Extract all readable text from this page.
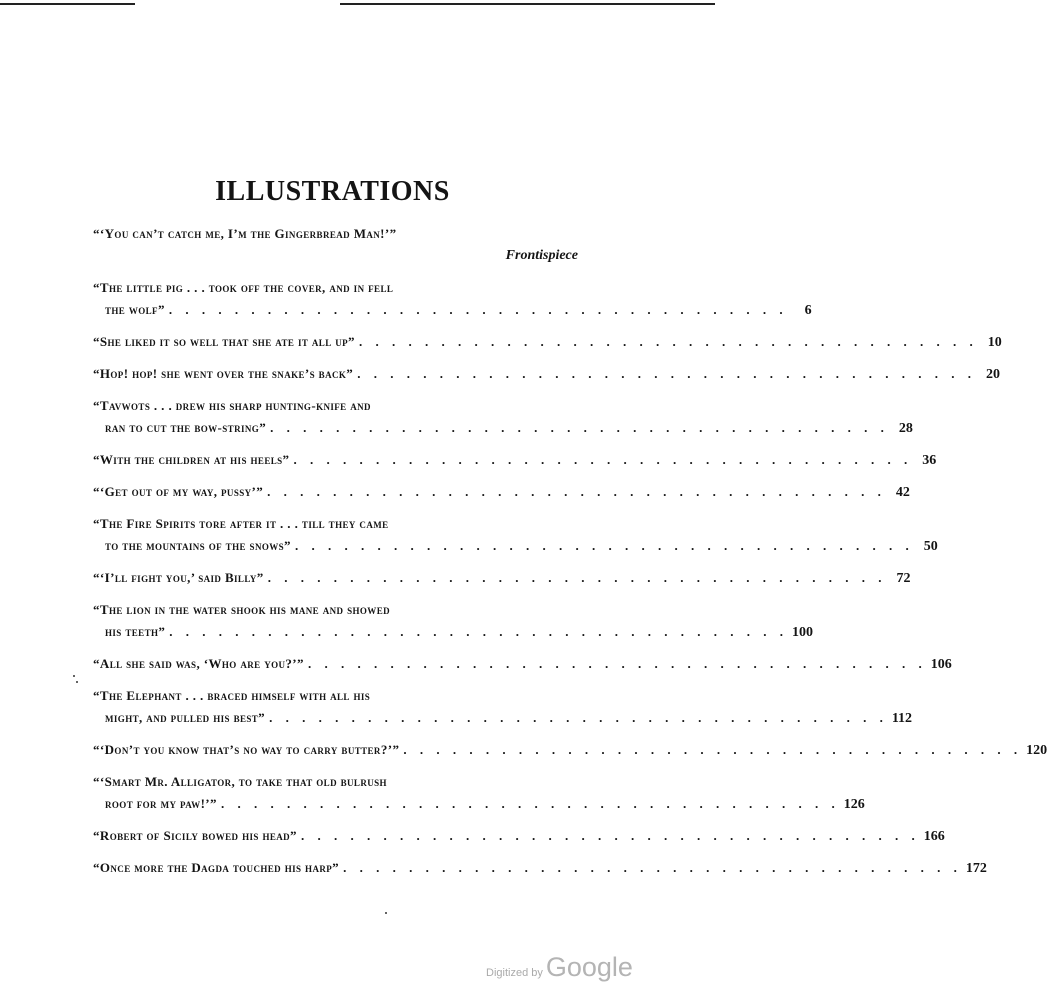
ILLUSTRATIONS
“‘You can’t catch me, I’m the Gingerbread Man!’”
Frontispiece
“The little pig . . . took off the cover, and in fell
the wolf” . . . . . . . . . . . . . . . . . . . . . . . . . . . . . . . . . . . . . .	6
“She liked it so well that she ate it all up” . . . . . . . . . . . . . . . . . . . . . . . . . . . . . . . . . . . . . . 10
“Hop! hop! she went over the snake’s back” . . . . . . . . . . . . . . . . . . . . . . . . . . . . . . . . . . . . . . 20
“Tavwots . . . drew his sharp hunting-knife and
ran to cut the bow-string” . . . . . . . . . . . . . . . . . . . . . . . . . . . . . . . . . . . . . . 28
“With the children at his heels” . . . . . . . . . . . . . . . . . . . . . . . . . . . . . . . . . . . . . . 36
“‘Get out of my way, pussy’” . . . . . . . . . . . . . . . . . . . . . . . . . . . . . . . . . . . . . . 42
“The Fire Spirits tore after it . . . till they came
to the mountains of the snows” . . . . . . . . . . . . . . . . . . . . . . . . . . . . . . . . . . . . . . 50
“‘I’ll fight you,’ said Billy” . . . . . . . . . . . . . . . . . . . . . . . . . . . . . . . . . . . . . . 72
“The lion in the water shook his mane and showed
his teeth” . . . . . . . . . . . . . . . . . . . . . . . . . . . . . . . . . . . . . . 100
“All she said was, ‘Who are you?’” . . . . . . . . . . . . . . . . . . . . . . . . . . . . . . . . . . . . . . 106
“The Elephant . . . braced himself with all his
might, and pulled his best” . . . . . . . . . . . . . . . . . . . . . . . . . . . . . . . . . . . . . . 112
“‘Don’t you know that’s no way to carry butter?’” . . . . . . . . . . . . . . . . . . . . . . . . . . . . . . . . . . . . . . 120
“‘Smart Mr. Alligator, to take that old bulrush
root for my paw!’” . . . . . . . . . . . . . . . . . . . . . . . . . . . . . . . . . . . . . . 126
“Robert of Sicily bowed his head” . . . . . . . . . . . . . . . . . . . . . . . . . . . . . . . . . . . . . . 166
“Once more the Dagda touched his harp” . . . . . . . . . . . . . . . . . . . . . . . . . . . . . . . . . . . . . . 172
Digitized by Google
